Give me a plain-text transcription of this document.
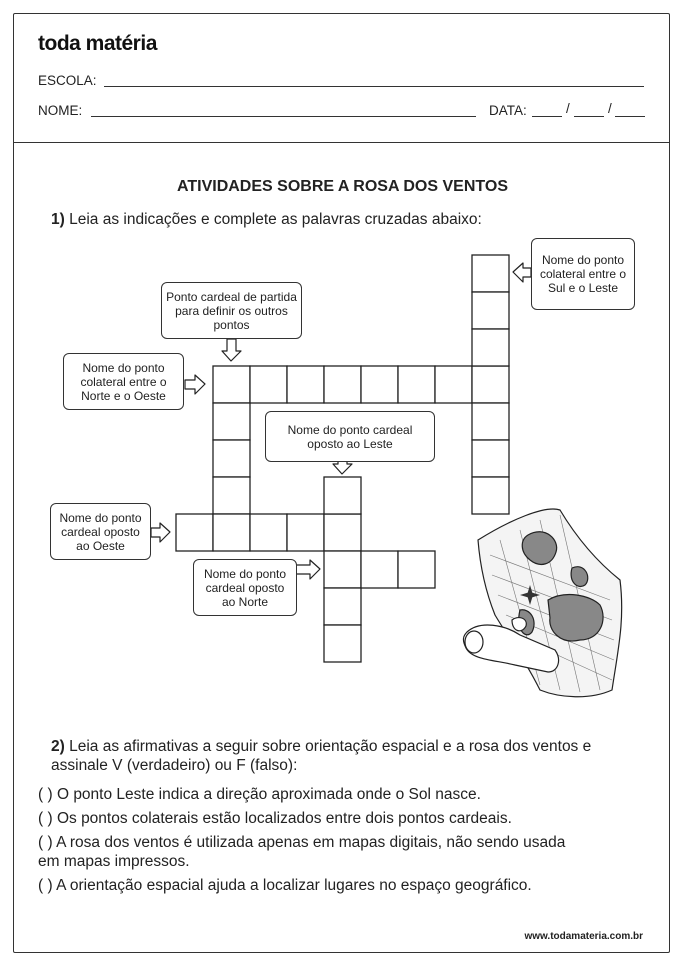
toda matéria
ESCOLA:
NOME:	DATA:	/	/
ATIVIDADES SOBRE A ROSA DOS VENTOS
1) Leia as indicações e complete as palavras cruzadas abaixo:
Nome do ponto colateral entre o Sul e o Leste
Ponto cardeal de partida para definir os outros pontos
Nome do ponto colateral entre o Norte e o Oeste
Nome do ponto cardeal oposto ao Leste
Nome do ponto cardeal oposto ao Oeste
Nome do ponto cardeal oposto ao Norte
2) Leia as afirmativas a seguir sobre orientação espacial e a rosa dos ventos e
assinale V (verdadeiro) ou F (falso):
( ) O ponto Leste indica a direção aproximada onde o Sol nasce.
( ) Os pontos colaterais estão localizados entre dois pontos cardeais.
( ) A rosa dos ventos é utilizada apenas em mapas digitais, não sendo usada
em mapas impressos.
( ) A orientação espacial ajuda a localizar lugares no espaço geográfico.
www.todamateria.com.br
